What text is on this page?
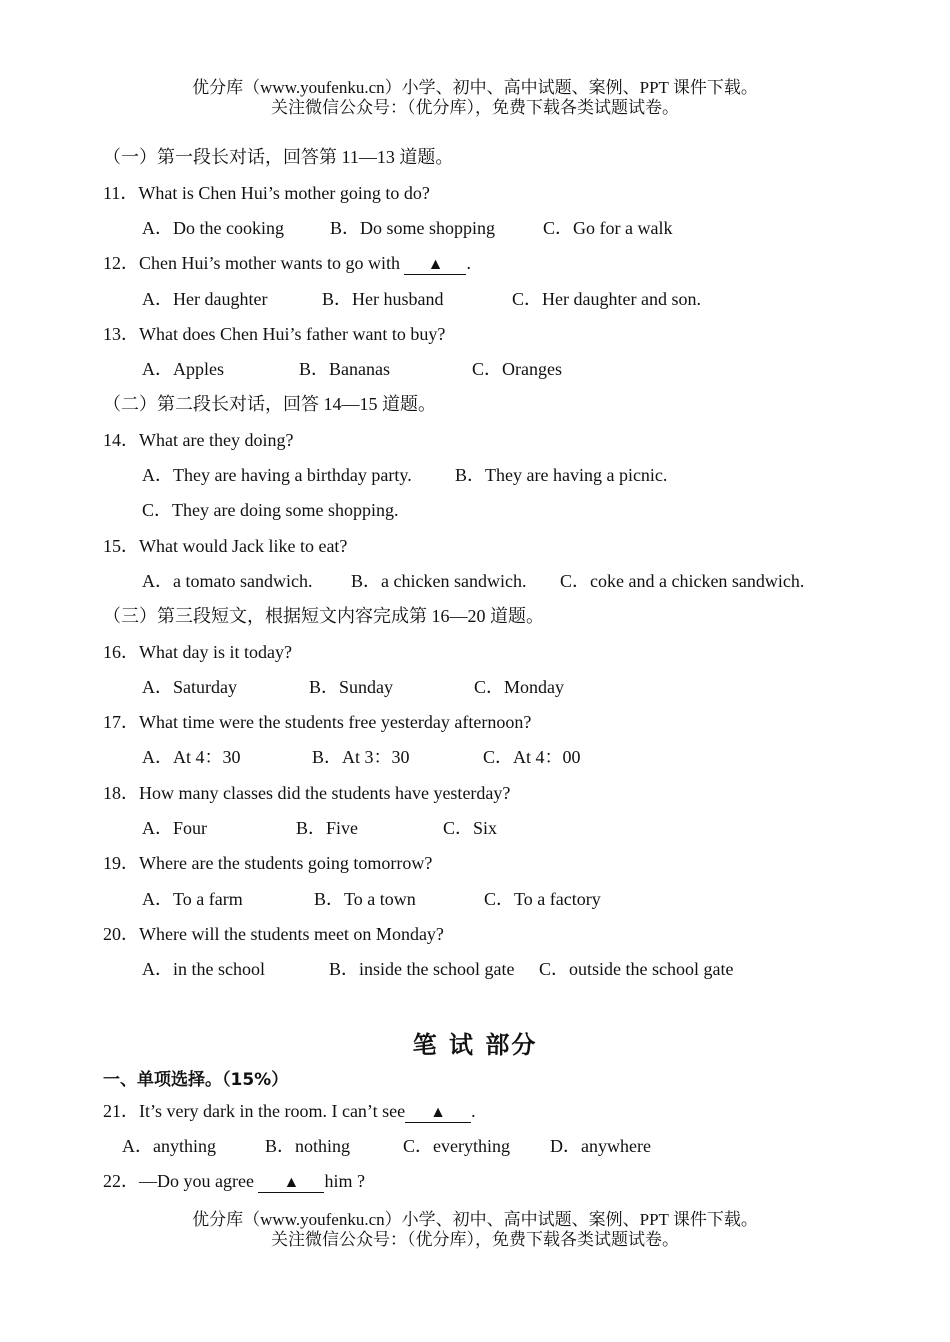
优分库（www.youfenku.cn）小学、初中、高中试题、案例、PPT 课件下载。
关注微信公众号：（优分库），免费下载各类试题试卷。
（一）第一段长对话，回答第 11—13 道题。
11．What is Chen Hui’s mother going to do?
A．Do the cooking	B．Do some shopping	C．Go for a walk
12．Chen Hui’s mother wants to go with ▲ .
A．Her daughter	B．Her husband	C．Her daughter and son.
13．What does Chen Hui’s father want to buy?
A．Apples	B．Bananas	C．Oranges
（二）第二段长对话，回答 14—15 道题。
14．What are they doing?
A．They are having a birthday party. B．They are having a picnic.
C．They are doing some shopping.
15．What would Jack like to eat?
A．a tomato sandwich. B．a chicken sandwich. C．coke and a chicken sandwich.
（三）第三段短文，根据短文内容完成第 16—20 道题。
16．What day is it today?
A．Saturday	B．Sunday	C．Monday
17．What time were the students free yesterday afternoon?
A．At 4：30	B．At 3：30	C．At 4：00
18．How many classes did the students have yesterday?
A．Four	B．Five	C．Six
19．Where are the students going tomorrow?
A．To a farm	B．To a town	C．To a factory
20．Where will the students meet on Monday?
A．in the school	B．inside the school gate C．outside the school gate
笔 试 部分
一、单项选择。（15%）
21．It’s very dark in the room. I can’t see ▲ .
A．anything	B．nothing	C．everything D．anywhere
22．—Do you agree ▲ him ?
优分库（www.youfenku.cn）小学、初中、高中试题、案例、PPT 课件下载。
关注微信公众号：（优分库），免费下载各类试题试卷。
